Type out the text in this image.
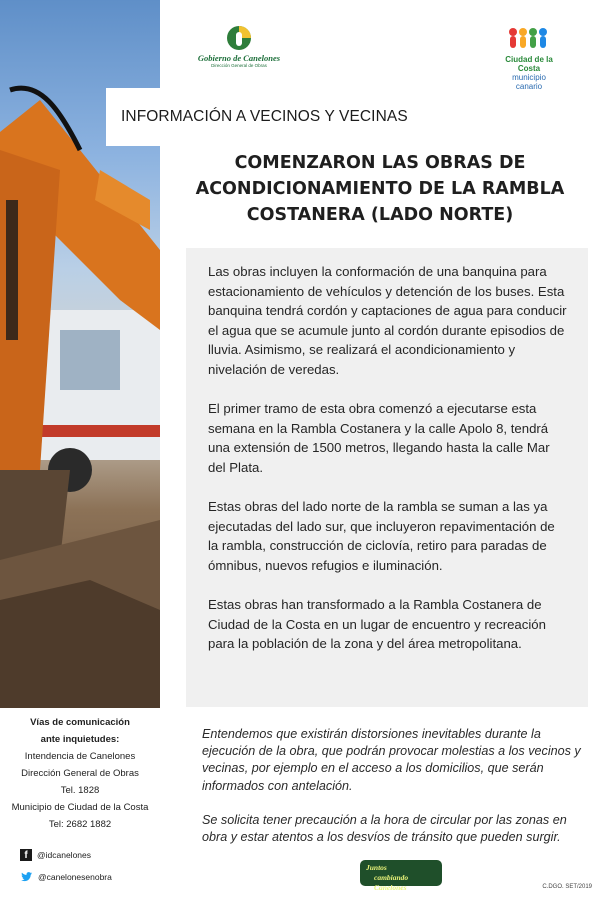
INFORMACIÓN A VECINOS Y VECINAS
Gobierno de Canelones
Dirección General de Obras
Ciudad de la Costa
municipio
canario
COMENZARON LAS OBRAS DE ACONDICIONAMIENTO DE LA RAMBLA COSTANERA (LADO NORTE)

Las obras incluyen la conformación de una banquina para estacionamiento de vehículos y detención de los buses. Esta banquina tendrá cordón y captaciones de agua para conducir el agua que se acumule junto al cordón durante episodios de lluvia. Asimismo, se realizará el acondicionamiento y nivelación de veredas.

El primer tramo de esta obra comenzó a ejecutarse esta semana en la Rambla Costanera y la calle Apolo 8, tendrá una extensión de 1500 metros, llegando hasta la calle Mar del Plata.

Estas obras del lado norte de la rambla se suman a las ya ejecutadas del lado sur, que incluyeron repavimentación de la rambla, construcción de ciclovía, retiro para paradas de ómnibus, nuevos refugios e iluminación.

Estas obras han transformado a la Rambla Costanera de Ciudad de la Costa en un lugar de encuentro y recreación para la población de la zona y del área metropolitana.

Vías de comunicación
ante inquietudes:
Intendencia de Canelones
Dirección General de Obras
Tel. 1828
Municipio de Ciudad de la Costa
Tel: 2682 1882
f	@idcanelones
@canelonesenobra

Entendemos que existirán distorsiones inevitables durante la ejecución de la obra, que podrán provocar molestias a los vecinos y vecinas, por ejemplo en el acceso a los domicilios, que serán informados con antelación.

Se solicita tener precaución a la hora de circular por las zonas en obra y estar atentos a los desvíos de tránsito que pueden surgir.

Juntos
cambiando Canelones	C.DGO. SET/2019
